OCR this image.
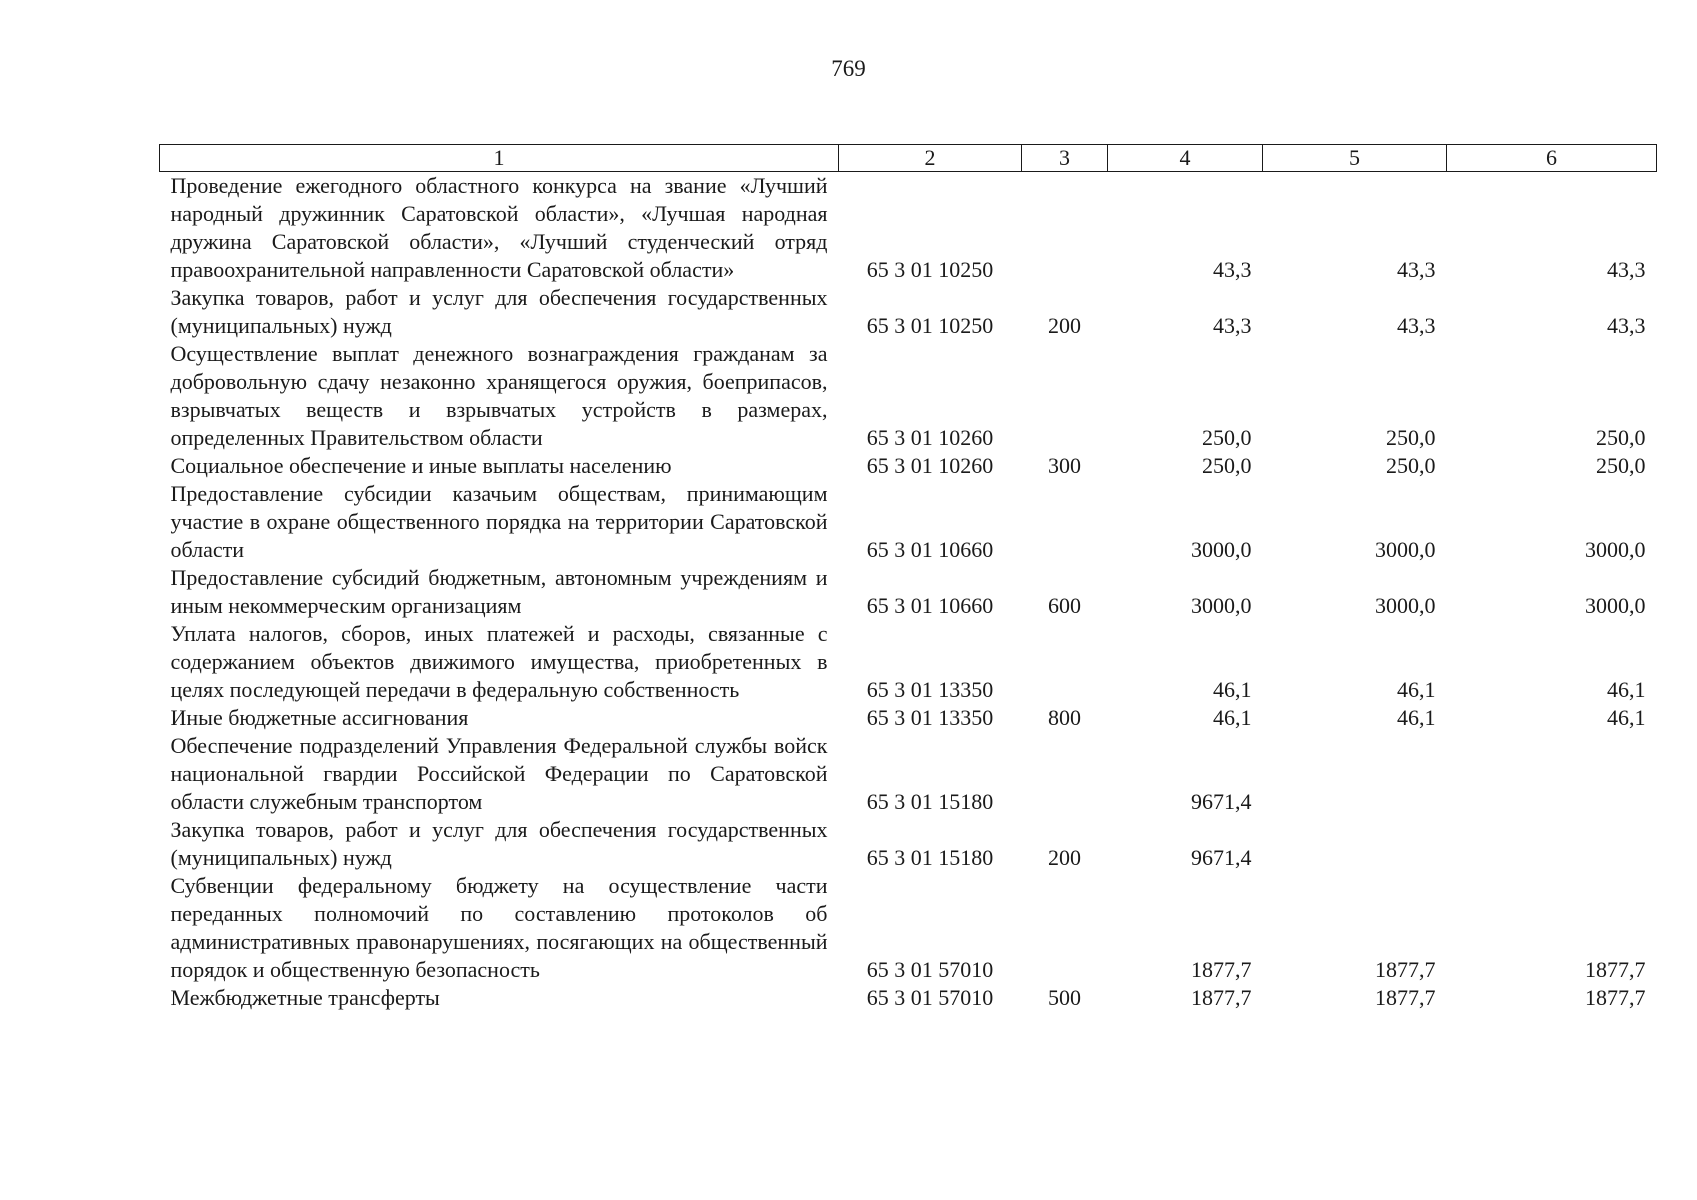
769
1	2	3	4	5	6
Проведение ежегодного областного конкурса на звание «Лучший народный дружинник Саратовской области», «Лучшая народная дружина Саратовской области», «Лучший студенческий отряд правоохранительной направленности Саратовской области»	65 3 01 10250		43,3	43,3	43,3
Закупка товаров, работ и услуг для обеспечения государственных (муниципальных) нужд	65 3 01 10250	200	43,3	43,3	43,3
Осуществление выплат денежного вознаграждения гражданам за добровольную сдачу незаконно хранящегося оружия, боеприпасов, взрывчатых веществ и взрывчатых устройств в размерах, определенных Правительством области	65 3 01 10260		250,0	250,0	250,0
Социальное обеспечение и иные выплаты населению	65 3 01 10260	300	250,0	250,0	250,0
Предоставление субсидии казачьим обществам, принимающим участие в охране общественного порядка на территории Саратовской области	65 3 01 10660		3000,0	3000,0	3000,0
Предоставление субсидий бюджетным, автономным учреждениям и иным некоммерческим организациям	65 3 01 10660	600	3000,0	3000,0	3000,0
Уплата налогов, сборов, иных платежей и расходы, связанные с содержанием объектов движимого имущества, приобретенных в целях последующей передачи в федеральную собственность	65 3 01 13350		46,1	46,1	46,1
Иные бюджетные ассигнования	65 3 01 13350	800	46,1	46,1	46,1
Обеспечение подразделений Управления Федеральной службы войск национальной гвардии Российской Федерации по Саратовской области служебным транспортом	65 3 01 15180		9671,4		
Закупка товаров, работ и услуг для обеспечения государственных (муниципальных) нужд	65 3 01 15180	200	9671,4		
Субвенции федеральному бюджету на осуществление части переданных полномочий по составлению протоколов об административных правонарушениях, посягающих на общественный порядок и общественную безопасность	65 3 01 57010		1877,7	1877,7	1877,7
Межбюджетные трансферты	65 3 01 57010	500	1877,7	1877,7	1877,7
